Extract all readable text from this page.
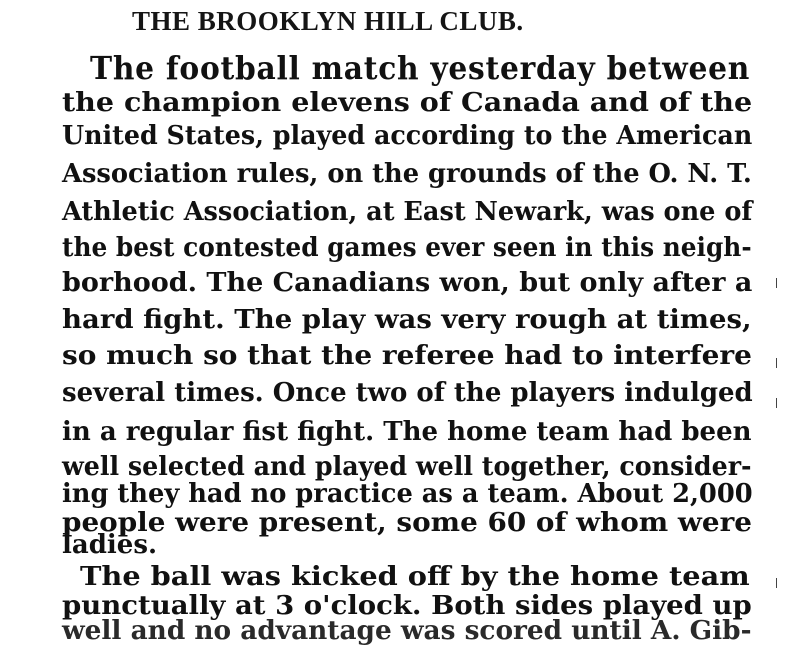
THE BROOKLYN HILL CLUB.
The football match yesterday between
the champion elevens of Canada and of the
United States, played according to the American
Association rules, on the grounds of the O. N. T.
Athletic Association, at East Newark, was one of
the best contested games ever seen in this neigh-
borhood. The Canadians won, but only after a
hard fight. The play was very rough at times,
so much so that the referee had to interfere
several times. Once two of the players indulged
in a regular fist fight. The home team had been
well selected and played well together, consider-
ing they had no practice as a team. About 2,000
people were present, some 60 of whom were
ladies.
The ball was kicked off by the home team
punctually at 3 o'clock. Both sides played up
well and no advantage was scored until A. Gib-
